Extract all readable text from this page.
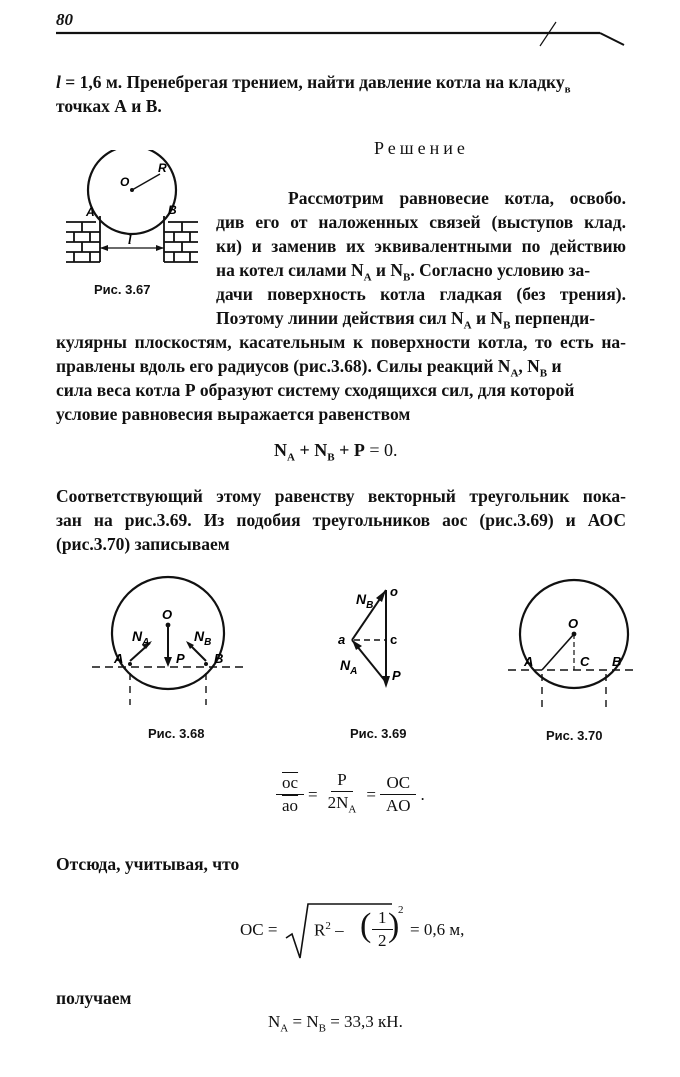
80
l = 1,6 м. Пренебрегая трением, найти давление котла на кладку$_в$
точках А и В.
Решение
A	B
l
R
O
Рис. 3.67
Рассмотрим равновесие котла, освобо.
див его от наложенных связей (выступов клад.
ки) и заменив их эквивалентными по действию
на котел силами $N_A$ и $N_B$. Согласно условию за-
дачи поверхность котла гладкая (без трения).
Поэтому линии действия сил $N_A$ и $N_B$ перпенди-
кулярны плоскостям, касательным к поверхности котла, то есть на-
правлены вдоль его радиусов (рис.3.68). Силы реакций $N_A$, $N_B$ и
сила веса котла Р образуют систему сходящихся сил, для которой
условие равновесия выражается равенством
$N_A + N_B + Р = 0$.
Соответствующий этому равенству векторный треугольник пока-
зан на рис.3.69. Из подобия треугольников аос (рис.3.69) и АОС
(рис.3.70) записываем
O
$N_A$	$N_B$
A	B
P
Рис. 3.68
o
$N_B$
a	c
$N_A$	P
Рис. 3.69
O
A	B
C
Рис. 3.70
$\frac{\overline{oc}}{ao} = \frac{P}{2N_A} = \frac{OC}{AO}$ .
Отсюда, учитывая, что
OC = $R^2$ – ( $\frac{1}{2}$
)
2
= 0,6 м,
получаем
$N_A = N_B = 33,3$ кН.
